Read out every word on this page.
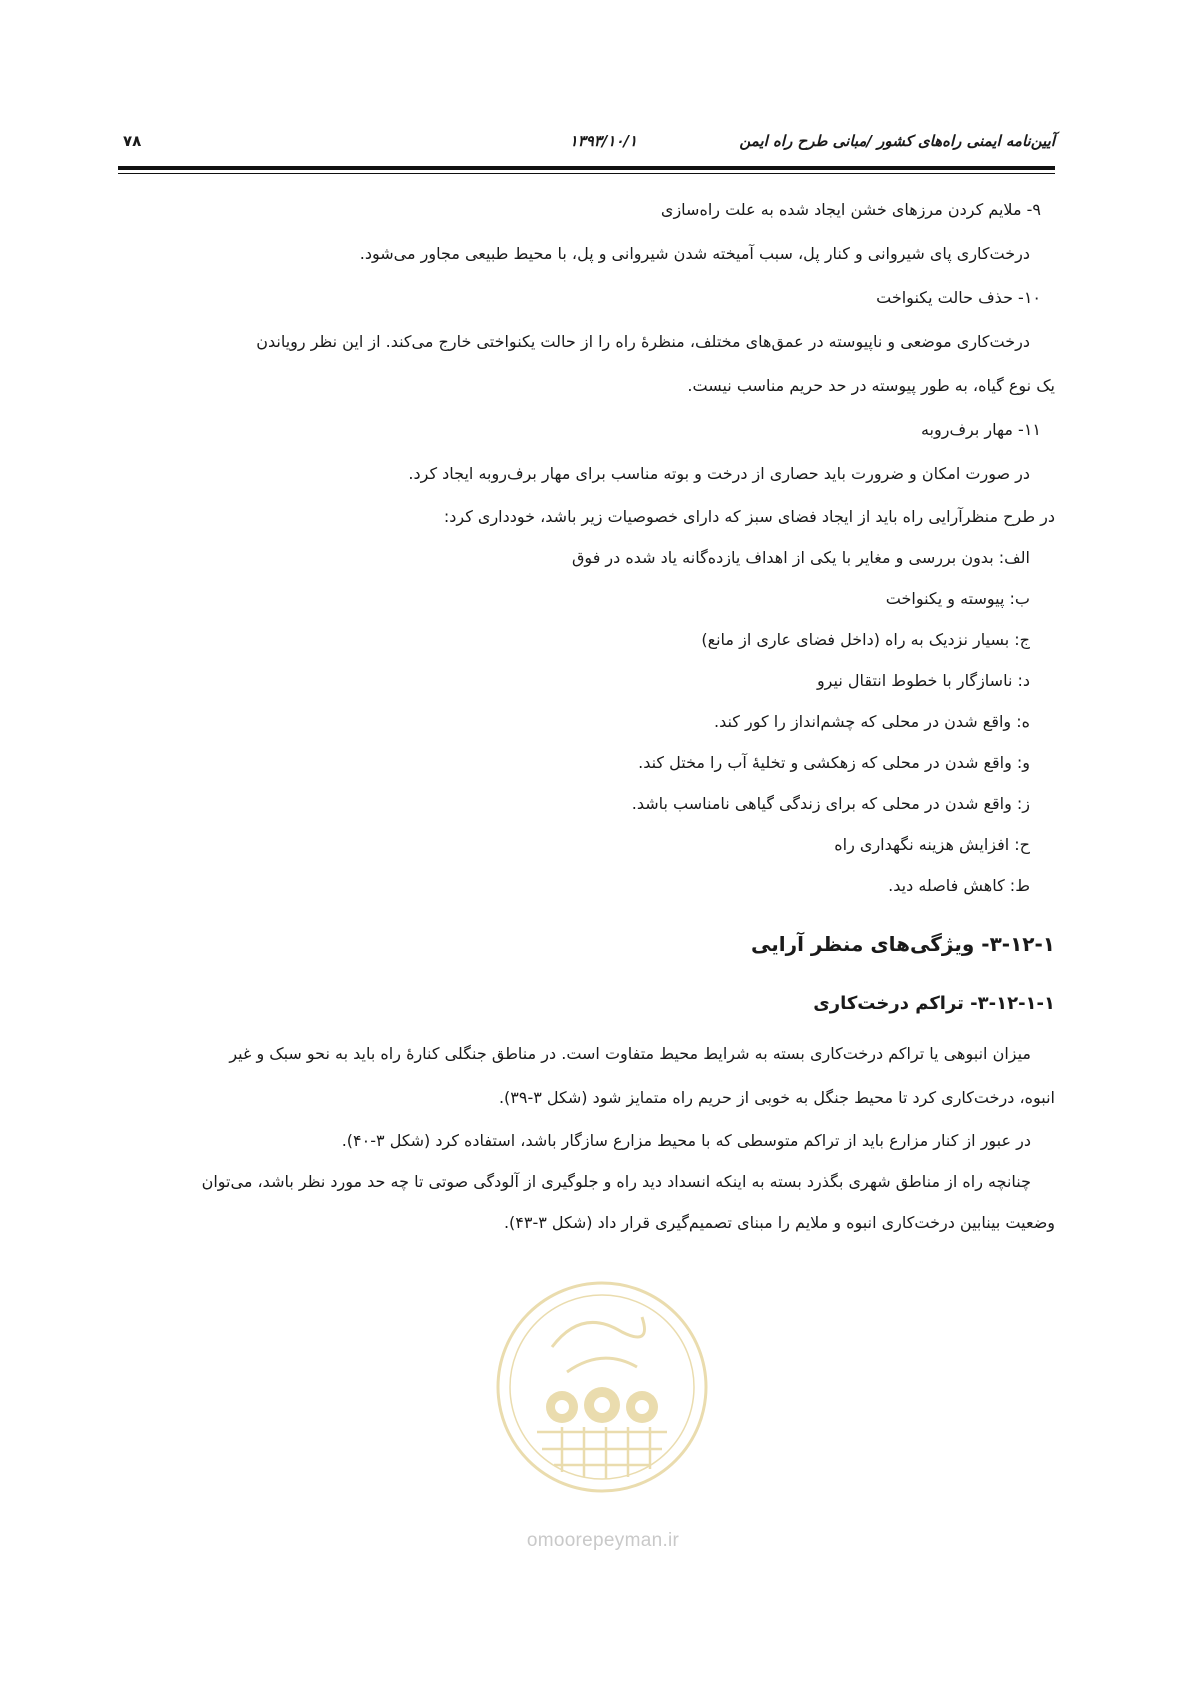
آیین‌نامه ایمنی راه‌های کشور /مبانی طرح راه ایمن
۱۳۹۳/۱۰/۱
۷۸
۹- ملایم کردن مرزهای خشن ایجاد شده به علت راه‌سازی
درخت‌کاری پای شیروانی و کنار پل، سبب آمیخته شدن شیروانی و پل، با محیط طبیعی مجاور می‌شود.
۱۰- حذف حالت یکنواخت
درخت‌کاری موضعی و ناپیوسته در عمق‌های مختلف، منظرهٔ راه را از حالت یکنواختی خارج می‌کند. از این نظر رویاندن
یک نوع گیاه، به طور پیوسته در حد حریم مناسب نیست.
۱۱- مهار برف‌روبه
در صورت امکان و ضرورت باید حصاری از درخت و بوته مناسب برای مهار برف‌روبه ایجاد کرد.
در طرح منظرآرایی راه باید از ایجاد فضای سبز که دارای خصوصیات زیر باشد، خودداری کرد:
الف: بدون بررسی و مغایر با یکی از اهداف یازده‌گانه یاد شده در فوق
ب: پیوسته و یکنواخت
ج: بسیار نزدیک به راه (داخل فضای عاری از مانع)
د: ناسازگار با خطوط انتقال نیرو
ه: واقع شدن در محلی که چشم‌انداز را کور کند.
و: واقع شدن در محلی که زهکشی و تخلیهٔ آب را مختل کند.
ز: واقع شدن در محلی که برای زندگی گیاهی نامناسب باشد.
ح: افزایش هزینه نگهداری راه
ط: کاهش فاصله دید.
۳-۱۲-۱- ویژگی‌های منظر آرایی
۳-۱۲-۱-۱- تراکم درخت‌کاری
میزان انبوهی یا تراکم درخت‌کاری بسته به شرایط محیط متفاوت است. در مناطق جنگلی کنارهٔ راه باید به نحو سبک و غیر
انبوه، درخت‌کاری کرد تا محیط جنگل به خوبی از حریم راه متمایز شود (شکل ۳-۳۹).
در عبور از کنار مزارع باید از تراکم متوسطی که با محیط مزارع سازگار باشد، استفاده کرد (شکل ۳-۴۰).
چنانچه راه از مناطق شهری بگذرد بسته به اینکه انسداد دید راه و جلوگیری از آلودگی صوتی تا چه حد مورد نظر باشد، می‌توان
وضعیت بینابین درخت‌کاری انبوه و ملایم را مبنای تصمیم‌گیری قرار داد (شکل ۳-۴۳).
omoorepeyman.ir
